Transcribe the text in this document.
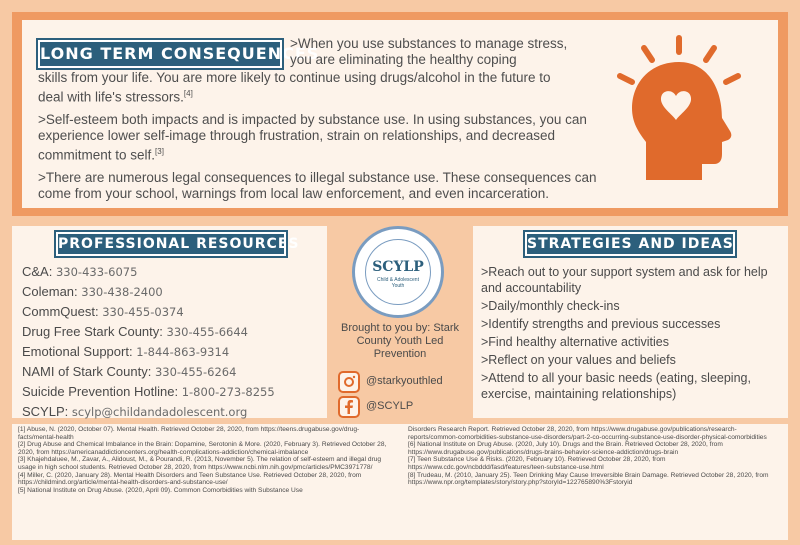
LONG TERM CONSEQUENCES

>When you use substances to manage stress, you are eliminating the healthy coping

skills from your life. You are more likely to continue using drugs/alcohol in the future to deal with life's stressors.[4]

>Self-esteem both impacts and is impacted by substance use. In using substances, you can experience lower self-image through frustration, strain on relationships, and decreased commitment to self.[3]

>There are numerous legal consequences to illegal substance use. These consequences can come from your school, warnings from local law enforcement, and even incarceration.

PROFESSIONAL RESOURCES
C&A: 330-433-6075
Coleman: 330-438-2400
CommQuest: 330-455-0374
Drug Free Stark County: 330-455-6644
Emotional Support: 1-844-863-9314
NAMI of Stark County: 330-455-6264
Suicide Prevention Hotline: 1-800-273-8255
SCYLP: scylp@childandadolescent.org
SCYLP
Child & Adolescent Youth
Brought to you by: Stark County Youth Led Prevention
@starkyouthled
@SCYLP
STRATEGIES AND IDEAS
>Reach out to your support system and ask for help and accountability
>Daily/monthly check-ins
>Identify strengths and previous successes
>Find healthy alternative activities
>Reflect on your values and beliefs
>Attend to all your basic needs (eating, sleeping, exercise, maintaining relationships)

[1] Abuse, N. (2020, October 07). Mental Health. Retrieved October 28, 2020, from https://teens.drugabuse.gov/drug-facts/mental-health

[2] Drug Abuse and Chemical Imbalance in the Brain: Dopamine, Serotonin & More. (2020, February 3). Retrieved October 28, 2020, from https://americanaddictioncenters.org/health-complications-addiction/chemical-imbalance

[3] Khajehdaluee, M., Zavar, A., Alidoust, M., & Pourandi, R. (2013, November 5). The relation of self-esteem and illegal drug usage in high school students. Retrieved October 28, 2020, from https://www.ncbi.nlm.nih.gov/pmc/articles/PMC3971778/

[4] Miller, C. (2020, January 28). Mental Health Disorders and Teen Substance Use. Retrieved October 28, 2020, from https://childmind.org/article/mental-health-disorders-and-substance-use/

[5] National Institute on Drug Abuse. (2020, April 09). Common Comorbidities with Substance Use

Disorders Research Report. Retrieved October 28, 2020, from https://www.drugabuse.gov/publications/research-reports/common-comorbidities-substance-use-disorders/part-2-co-occurring-substance-use-disorder-physical-comorbidities

[6] National Institute on Drug Abuse. (2020, July 10). Drugs and the Brain. Retrieved October 28, 2020, from https://www.drugabuse.gov/publications/drugs-brains-behavior-science-addiction/drugs-brain

[7] Teen Substance Use & Risks. (2020, February 10). Retrieved October 28, 2020, from https://www.cdc.gov/ncbddd/fasd/features/teen-substance-use.html

[8] Trudeau, M. (2010, January 25). Teen Drinking May Cause Irreversible Brain Damage. Retrieved October 28, 2020, from https://www.npr.org/templates/story/story.php?storyId=122765890%3Fstoryid
